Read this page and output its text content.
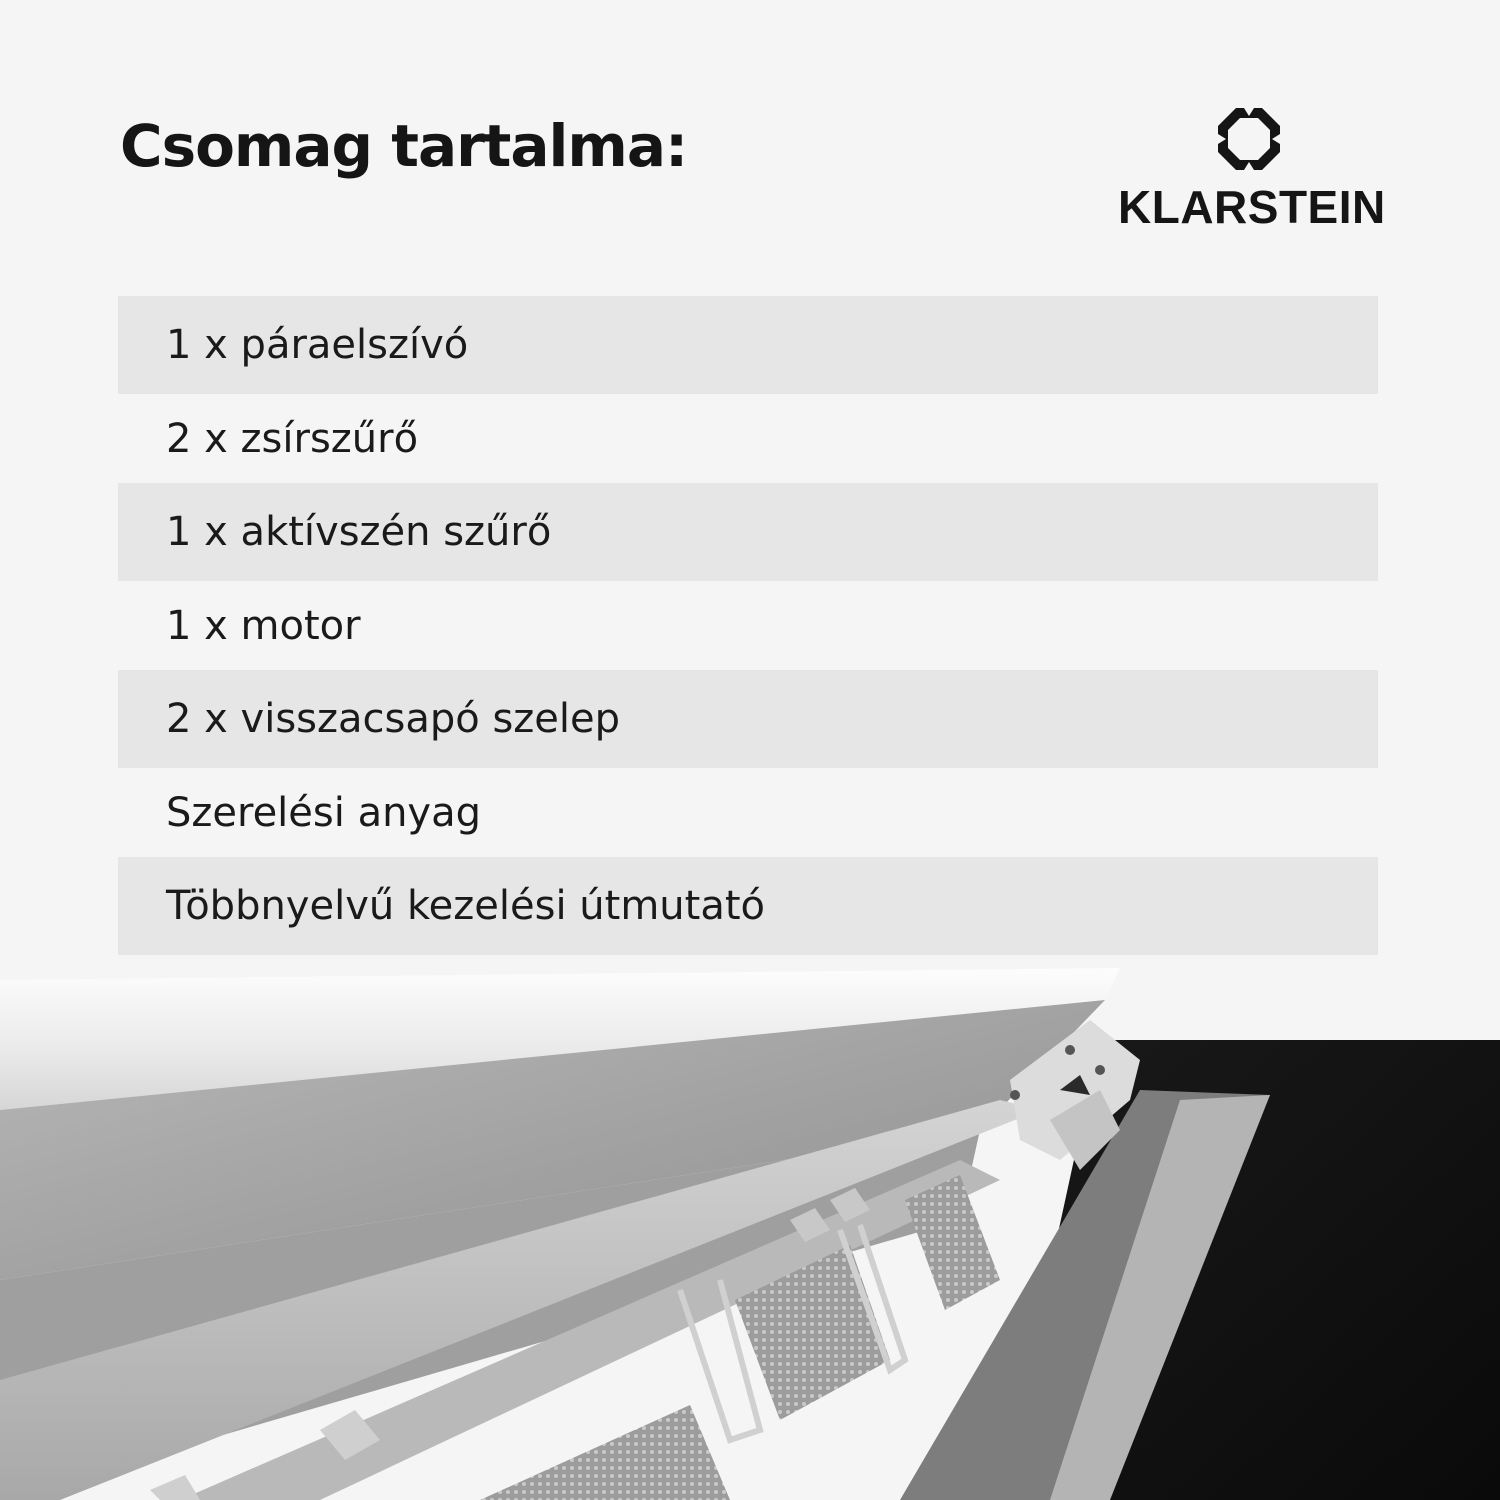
Csomag tartalma:
KLARSTEIN
1 x páraelszívó
2 x zsírszűrő
1 x aktívszén szűrő
1 x motor
2 x visszacsapó szelep
Szerelési anyag
Többnyelvű kezelési útmutató
